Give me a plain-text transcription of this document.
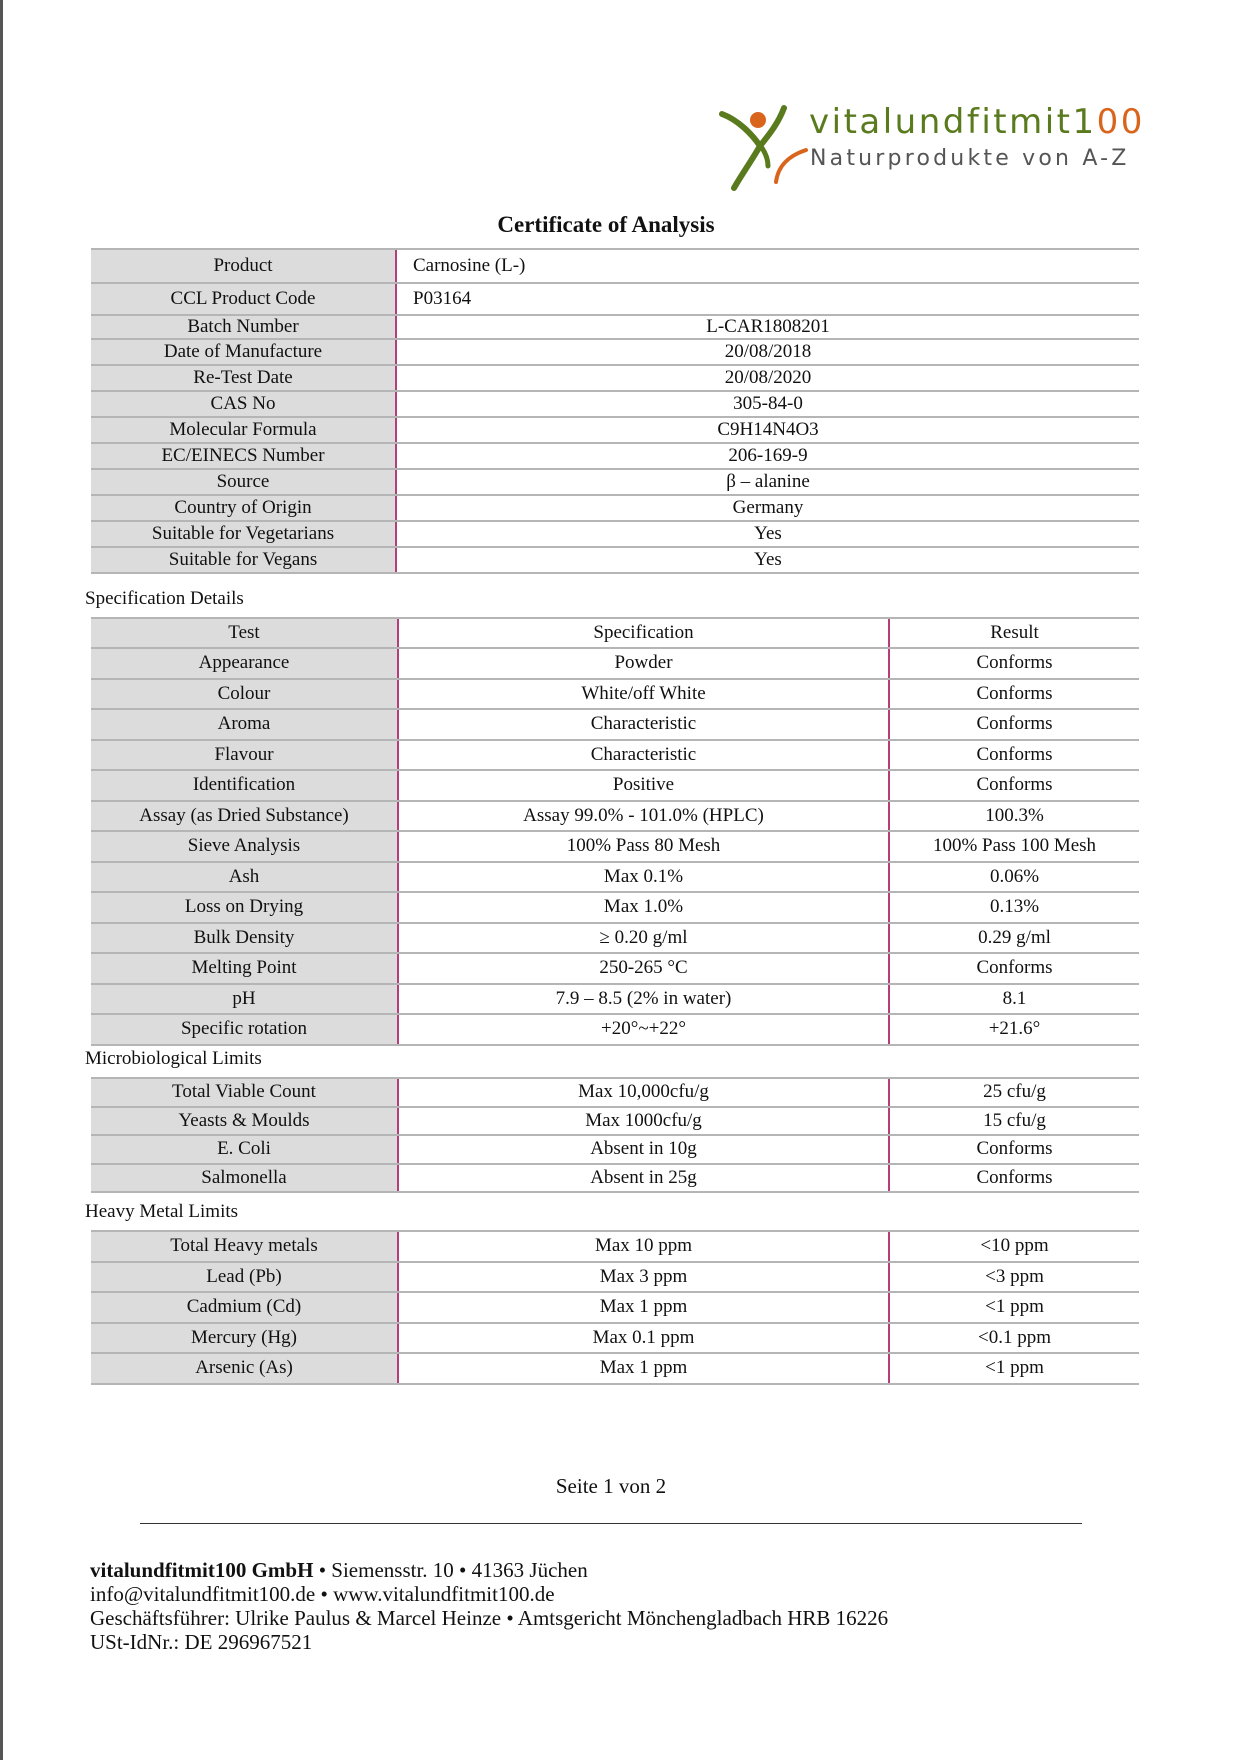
vitalundfitmit100
Naturprodukte von A-Z
Certificate of Analysis
Product	Carnosine (L-)
CCL Product Code	P03164
Batch Number	L-CAR1808201
Date of Manufacture	20/08/2018
Re-Test Date	20/08/2020
CAS No	305-84-0
Molecular Formula	C9H14N4O3
EC/EINECS Number	206-169-9
Source	β – alanine
Country of Origin	Germany
Suitable for Vegetarians	Yes
Suitable for Vegans	Yes
Specification Details
Test	Specification	Result
Appearance	Powder	Conforms
Colour	White/off White	Conforms
Aroma	Characteristic	Conforms
Flavour	Characteristic	Conforms
Identification	Positive	Conforms
Assay (as Dried Substance)	Assay 99.0% - 101.0% (HPLC)	100.3%
Sieve Analysis	100% Pass 80 Mesh	100% Pass 100 Mesh
Ash	Max 0.1%	0.06%
Loss on Drying	Max 1.0%	0.13%
Bulk Density	≥ 0.20 g/ml	0.29 g/ml
Melting Point	250-265 °C	Conforms
pH	7.9 – 8.5 (2% in water)	8.1
Specific rotation	+20°~+22°	+21.6°
Microbiological Limits
Total Viable Count	Max 10,000cfu/g	25 cfu/g
Yeasts & Moulds	Max 1000cfu/g	15 cfu/g
E. Coli	Absent in 10g	Conforms
Salmonella	Absent in 25g	Conforms
Heavy Metal Limits
Total Heavy metals	Max 10 ppm	<10 ppm
Lead (Pb)	Max 3 ppm	<3 ppm
Cadmium (Cd)	Max 1 ppm	<1 ppm
Mercury (Hg)	Max 0.1 ppm	<0.1 ppm
Arsenic (As)	Max 1 ppm	<1 ppm
Seite 1 von 2
vitalundfitmit100 GmbH • Siemensstr. 10 • 41363 Jüchen
info@vitalundfitmit100.de • www.vitalundfitmit100.de
Geschäftsführer: Ulrike Paulus & Marcel Heinze • Amtsgericht Mönchengladbach HRB 16226
USt-IdNr.: DE 296967521
